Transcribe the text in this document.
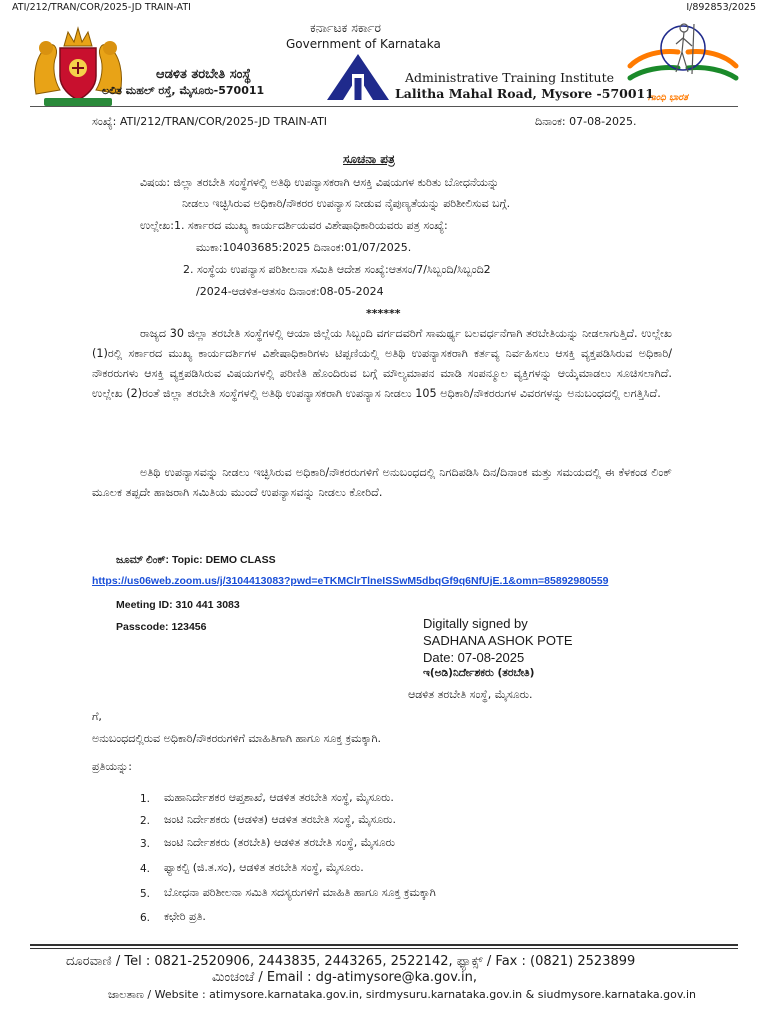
ATI/212/TRAN/COR/2025-JD TRAIN-ATI	I/892853/2025
ಗಾಂಧಿ ಭಾರತ
ಕರ್ನಾಟಕ ಸರ್ಕಾರ
Government of Karnataka
ಆಡಳಿತ ತರಬೇತಿ ಸಂಸ್ಥೆ
ಲಲಿತ ಮಹಲ್ ರಸ್ತೆ, ಮೈಸೂರು-570011
Administrative Training Institute
Lalitha Mahal Road, Mysore -570011
ಸಂಖ್ಯೆ: ATI/212/TRAN/COR/2025-JD TRAIN-ATI	ದಿನಾಂಕ: 07-08-2025.
ಸೂಚನಾ ಪತ್ರ
ವಿಷಯ: ಜಿಲ್ಲಾ ತರಬೇತಿ ಸಂಸ್ಥೆಗಳಲ್ಲಿ ಅತಿಥಿ ಉಪನ್ಯಾಸಕರಾಗಿ ಆಸಕ್ತಿ ವಿಷಯಗಳ ಕುರಿತು ಬೋಧನೆಯನ್ನು
ನೀಡಲು ಇಚ್ಛಿಸಿರುವ ಅಧಿಕಾರಿ/ನೌಕರರ ಉಪನ್ಯಾಸ ನೀಡುವ ನೈಪುಣ್ಯತೆಯನ್ನು ಪರಿಶೀಲಿಸುವ ಬಗ್ಗೆ.
ಉಲ್ಲೇಖ:1. ಸರ್ಕಾರದ ಮುಖ್ಯ ಕಾರ್ಯದರ್ಶಿಯವರ ವಿಶೇಷಾಧಿಕಾರಿಯವರು ಪತ್ರ ಸಂಖ್ಯೆ:
ಮುಕಾ:10403685:2025 ದಿನಾಂಕ:01/07/2025.
2. ಸಂಸ್ಥೆಯ ಉಪನ್ಯಾಸ ಪರಿಶೀಲನಾ ಸಮಿತಿ ಆದೇಶ ಸಂಖ್ಯೆ:ಆತಸಂ/7/ಸಿಬ್ಬಂದಿ/ಸಿಬ್ಬಂದಿ2
/2024-ಆಡಳಿತ-ಆತಸಂ ದಿನಾಂಕ:08-05-2024
******

ರಾಜ್ಯದ 30 ಜಿಲ್ಲಾ ತರಬೇತಿ ಸಂಸ್ಥೆಗಳಲ್ಲಿ ಆಯಾ ಜಿಲ್ಲೆಯ ಸಿಬ್ಬಂದಿ ವರ್ಗದವರಿಗೆ ಸಾಮರ್ಥ್ಯ ಬಲವರ್ಧನೆಗಾಗಿ ತರಬೇತಿಯನ್ನು ನೀಡಲಾಗುತ್ತಿದೆ. ಉಲ್ಲೇಖ (1)ರಲ್ಲಿ ಸರ್ಕಾರದ ಮುಖ್ಯ ಕಾರ್ಯದರ್ಶಿಗಳ ವಿಶೇಷಾಧಿಕಾರಿಗಳು ಟಿಪ್ಪಣಿಯಲ್ಲಿ ಅತಿಥಿ ಉಪನ್ಯಾಸಕರಾಗಿ ಕರ್ತವ್ಯ ನಿರ್ವಹಿಸಲು ಆಸಕ್ತಿ ವ್ಯಕ್ತಪಡಿಸಿರುವ ಅಧಿಕಾರಿ/ನೌಕರರುಗಳು ಆಸಕ್ತಿ ವ್ಯಕ್ತಪಡಿಸಿರುವ ವಿಷಯಗಳಲ್ಲಿ ಪರಿಣಿತಿ ಹೊಂದಿರುವ ಬಗ್ಗೆ ಮೌಲ್ಯಮಾಪನ ಮಾಡಿ ಸಂಪನ್ಮೂಲ ವ್ಯಕ್ತಿಗಳನ್ನು ಆಯ್ಕೆಮಾಡಲು ಸೂಚಿಸಲಾಗಿದೆ. ಉಲ್ಲೇಖ (2)ರಂತೆ ಜಿಲ್ಲಾ ತರಬೇತಿ ಸಂಸ್ಥೆಗಳಲ್ಲಿ ಅತಿಥಿ ಉಪನ್ಯಾಸಕರಾಗಿ ಉಪನ್ಯಾಸ ನೀಡಲು 105 ಅಧಿಕಾರಿ/ನೌಕರರುಗಳ ವಿವರಗಳನ್ನು ಅನುಬಂಧದಲ್ಲಿ ಲಗತ್ತಿಸಿದೆ.

ಅತಿಥಿ ಉಪನ್ಯಾಸವನ್ನು ನೀಡಲು ಇಚ್ಛಿಸಿರುವ ಅಧಿಕಾರಿ/ನೌಕರರುಗಳಿಗೆ ಅನುಬಂಧದಲ್ಲಿ ನಿಗದಿಪಡಿಸಿ ದಿನ/ದಿನಾಂಕ ಮತ್ತು ಸಮಯದಲ್ಲಿ ಈ ಕೆಳಕಂಡ ಲಿಂಕ್ ಮೂಲಕ ತಪ್ಪದೇ ಹಾಜರಾಗಿ ಸಮಿತಿಯ ಮುಂದೆ ಉಪನ್ಯಾಸವನ್ನು ನೀಡಲು ಕೋರಿದೆ.

ಜೂಮ್ ಲಿಂಕ್: Topic: DEMO CLASS
https://us06web.zoom.us/j/3104413083?pwd=eTKMClrTlneISSwM5dbqGf9q6NfUjE.1&omn=85892980559
Meeting ID: 310 441 3083
Passcode: 123456	Digitally signed by
SADHANA ASHOK POTE
Date: 07-08-2025
ಇ(ಅಡಿ)ನಿರ್ದೇಶಕರು (ತರಬೇತಿ)
ಆಡಳಿತ ತರಬೇತಿ ಸಂಸ್ಥೆ, ಮೈಸೂರು.
ಗೆ,
ಅನುಬಂಧದಲ್ಲಿರುವ ಅಧಿಕಾರಿ/ನೌಕರರುಗಳಿಗೆ ಮಾಹಿತಿಗಾಗಿ ಹಾಗೂ ಸೂಕ್ತ ಕ್ರಮಕ್ಕಾಗಿ.
ಪ್ರತಿಯನ್ನು:
1. ಮಹಾನಿರ್ದೇಶಕರ ಆಪ್ತಶಾಖೆ, ಆಡಳಿತ ತರಬೇತಿ ಸಂಸ್ಥೆ, ಮೈಸೂರು.
2. ಜಂಟಿ ನಿರ್ದೇಶಕರು (ಆಡಳಿತ) ಆಡಳಿತ ತರಬೇತಿ ಸಂಸ್ಥೆ, ಮೈಸೂರು.
3. ಜಂಟಿ ನಿರ್ದೇಶಕರು (ತರಬೇತಿ) ಆಡಳಿತ ತರಬೇತಿ ಸಂಸ್ಥೆ, ಮೈಸೂರು
4. ಫ್ಯಾಕಲ್ಟಿ (ಜಿ.ತ.ಸಂ), ಆಡಳಿತ ತರಬೇತಿ ಸಂಸ್ಥೆ, ಮೈಸೂರು.
5. ಬೋಧನಾ ಪರಿಶೀಲನಾ ಸಮಿತಿ ಸದಸ್ಯರುಗಳಿಗೆ ಮಾಹಿತಿ ಹಾಗೂ ಸೂಕ್ತ ಕ್ರಮಕ್ಕಾಗಿ
6. ಕಛೇರಿ ಪ್ರತಿ.
ದೂರವಾಣಿ / Tel : 0821-2520906, 2443835, 2443265, 2522142, ಫ್ಯಾಕ್ಸ್ / Fax : (0821) 2523899
ಮಿಂಚಂಚೆ / Email : dg-atimysore@ka.gov.in,
ಜಾಲತಾಣ / Website : atimysore.karnataka.gov.in, sirdmysuru.karnataka.gov.in & siudmysore.karnataka.gov.in
